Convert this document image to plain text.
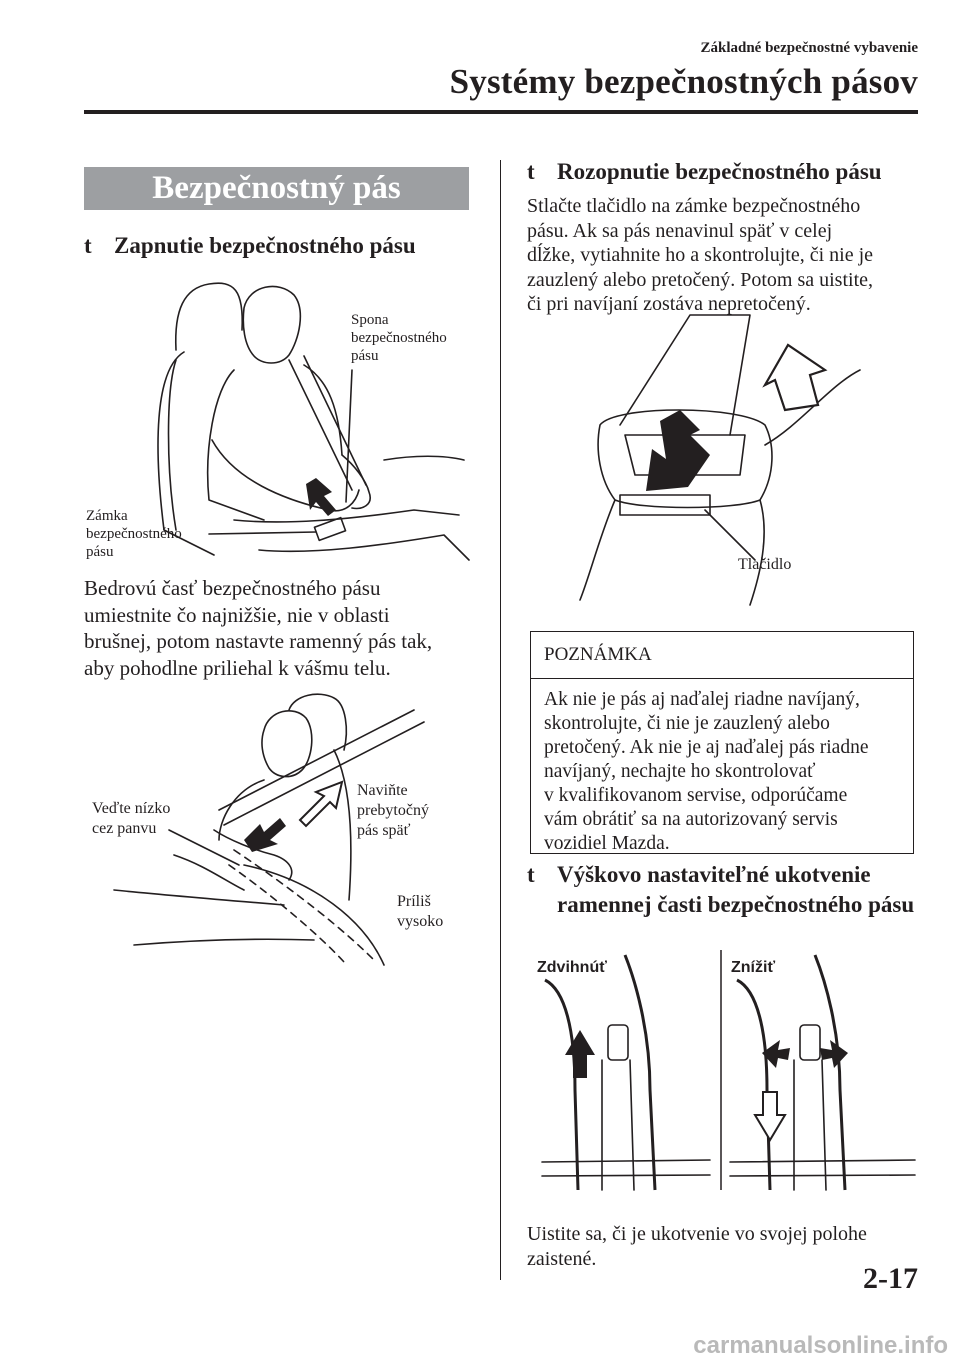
Základné bezpečnostné vybavenie
Systémy bezpečnostných pásov
Bezpečnostný pás
t Zapnutie bezpečnostného pásu
Spona
bezpečnostného
pásu
Zámka
bezpečnostného
pásu
Bedrovú časť bezpečnostného pásu
umiestnite čo najnižšie, nie v oblasti
brušnej, potom nastavte ramenný pás tak,
aby pohodlne priliehal k vášmu telu.
Veďte nízko
cez panvu
Naviňte
prebytočný
pás späť
Príliš
vysoko
t Rozopnutie bezpečnostného pásu
Stlačte tlačidlo na zámke bezpečnostného
pásu. Ak sa pás nenavinul späť v celej
dĺžke, vytiahnite ho a skontrolujte, či nie je
zauzlený alebo pretočený. Potom sa uistite,
či pri navíjaní zostáva nepretočený.
Tlačidlo
POZNÁMKA
Ak nie je pás aj naďalej riadne navíjaný,
skontrolujte, či nie je zauzlený alebo
pretočený. Ak nie je aj naďalej pás riadne
navíjaný, nechajte ho skontrolovať
v kvalifikovanom servise, odporúčame
vám obrátiť sa na autorizovaný servis
vozidiel Mazda.
t Výškovo nastaviteľné ukotvenie
ramennej časti bezpečnostného pásu
Zdvihnúť	Znížiť
Uistite sa, či je ukotvenie vo svojej polohe
zaistené.
2-17
carmanualsonline.info
